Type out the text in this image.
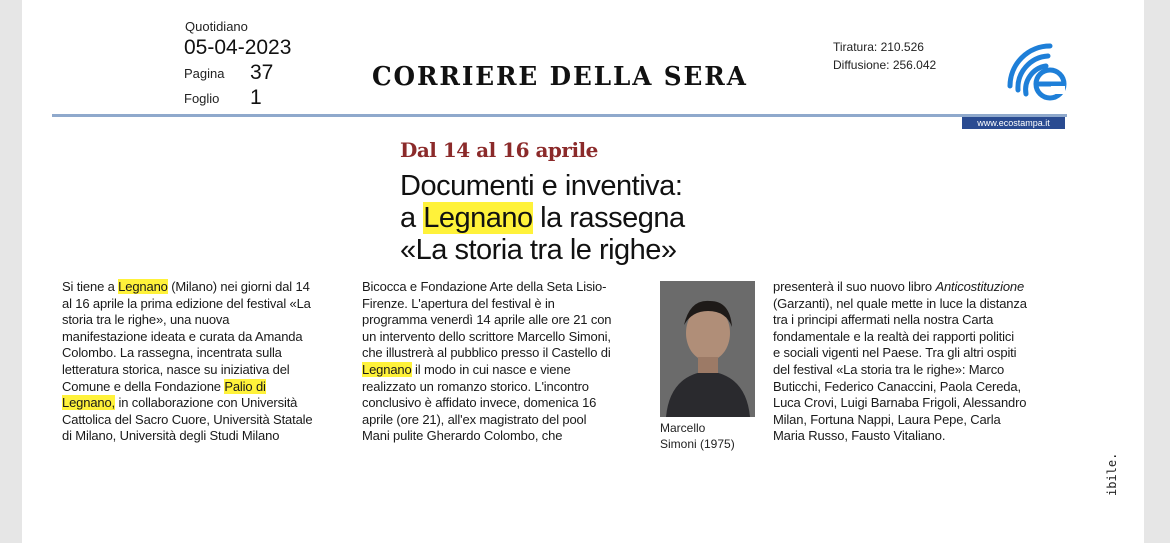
Quotidiano
05-04-2023
Pagina 37
Foglio 1
CORRIERE DELLA SERA
Tiratura: 210.526
Diffusione: 256.042
www.ecostampa.it
Dal 14 al 16 aprile
Documenti e inventiva:
a Legnano la rassegna
«La storia tra le righe»
Si tiene a Legnano (Milano) nei giorni dal 14
al 16 aprile la prima edizione del festival «La
storia tra le righe», una nuova
manifestazione ideata e curata da Amanda
Colombo. La rassegna, incentrata sulla
letteratura storica, nasce su iniziativa del
Comune e della Fondazione Palio di
Legnano, in collaborazione con Università
Cattolica del Sacro Cuore, Università Statale
di Milano, Università degli Studi Milano
Bicocca e Fondazione Arte della Seta Lisio-
Firenze. L'apertura del festival è in
programma venerdì 14 aprile alle ore 21 con
un intervento dello scrittore Marcello Simoni,
che illustrerà al pubblico presso il Castello di
Legnano il modo in cui nasce e viene
realizzato un romanzo storico. L'incontro
conclusivo è affidato invece, domenica 16
aprile (ore 21), all'ex magistrato del pool
Mani pulite Gherardo Colombo, che
Marcello
Simoni (1975)
presenterà il suo nuovo libro Anticostituzione
(Garzanti), nel quale mette in luce la distanza
tra i principi affermati nella nostra Carta
fondamentale e la realtà dei rapporti politici
e sociali vigenti nel Paese. Tra gli altri ospiti
del festival «La storia tra le righe»: Marco
Buticchi, Federico Canaccini, Paola Cereda,
Luca Crovi, Luigi Barnaba Frigoli, Alessandro
Milan, Fortuna Nappi, Laura Pepe, Carla
Maria Russo, Fausto Vitaliano.
ibile.
